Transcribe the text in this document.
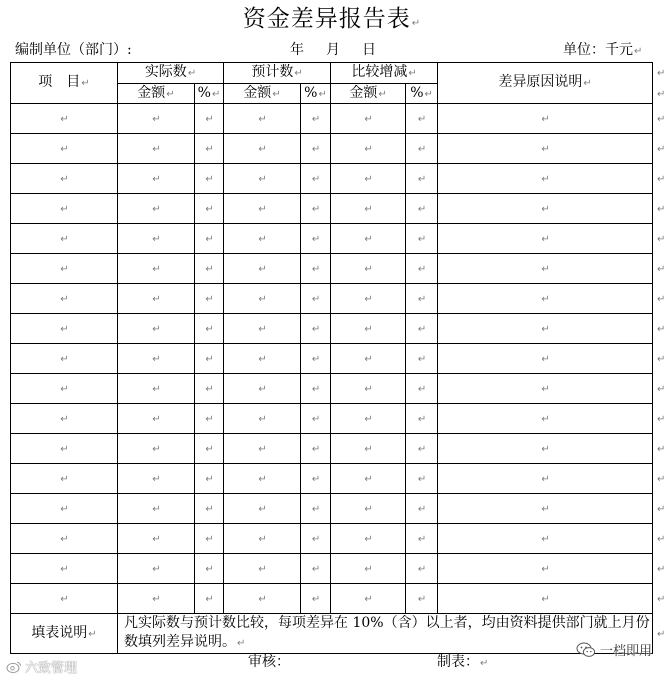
资金差异报告表↵
编制单位（部门）:	年 月 日	单位：千元↵
项　目↵	实际数↵		预计数↵		比较增减↵		差异原因说明↵	↵
	金额↵	%↵	金额↵	%↵	金额↵	%↵		↵
↵	↵	↵	↵	↵	↵	↵	↵	↵
↵	↵	↵	↵	↵	↵	↵	↵	↵
↵	↵	↵	↵	↵	↵	↵	↵	↵
↵	↵	↵	↵	↵	↵	↵	↵	↵
↵	↵	↵	↵	↵	↵	↵	↵	↵
↵	↵	↵	↵	↵	↵	↵	↵	↵
↵	↵	↵	↵	↵	↵	↵	↵	↵
↵	↵	↵	↵	↵	↵	↵	↵	↵
↵	↵	↵	↵	↵	↵	↵	↵	↵
↵	↵	↵	↵	↵	↵	↵	↵	↵
↵	↵	↵	↵	↵	↵	↵	↵	↵
↵	↵	↵	↵	↵	↵	↵	↵	↵
↵	↵	↵	↵	↵	↵	↵	↵	↵
↵	↵	↵	↵	↵	↵	↵	↵	↵
↵	↵	↵	↵	↵	↵	↵	↵	↵
↵	↵	↵	↵	↵	↵	↵	↵	↵
↵	↵	↵	↵	↵	↵	↵	↵	↵
填表说明↵	凡实际数与预计数比较，每项差异在 10%（含）以上者，均由资料提供部门就上月份
数填列差异说明。↵							↵
审核：	制表：↵
六致管理
一档即用
